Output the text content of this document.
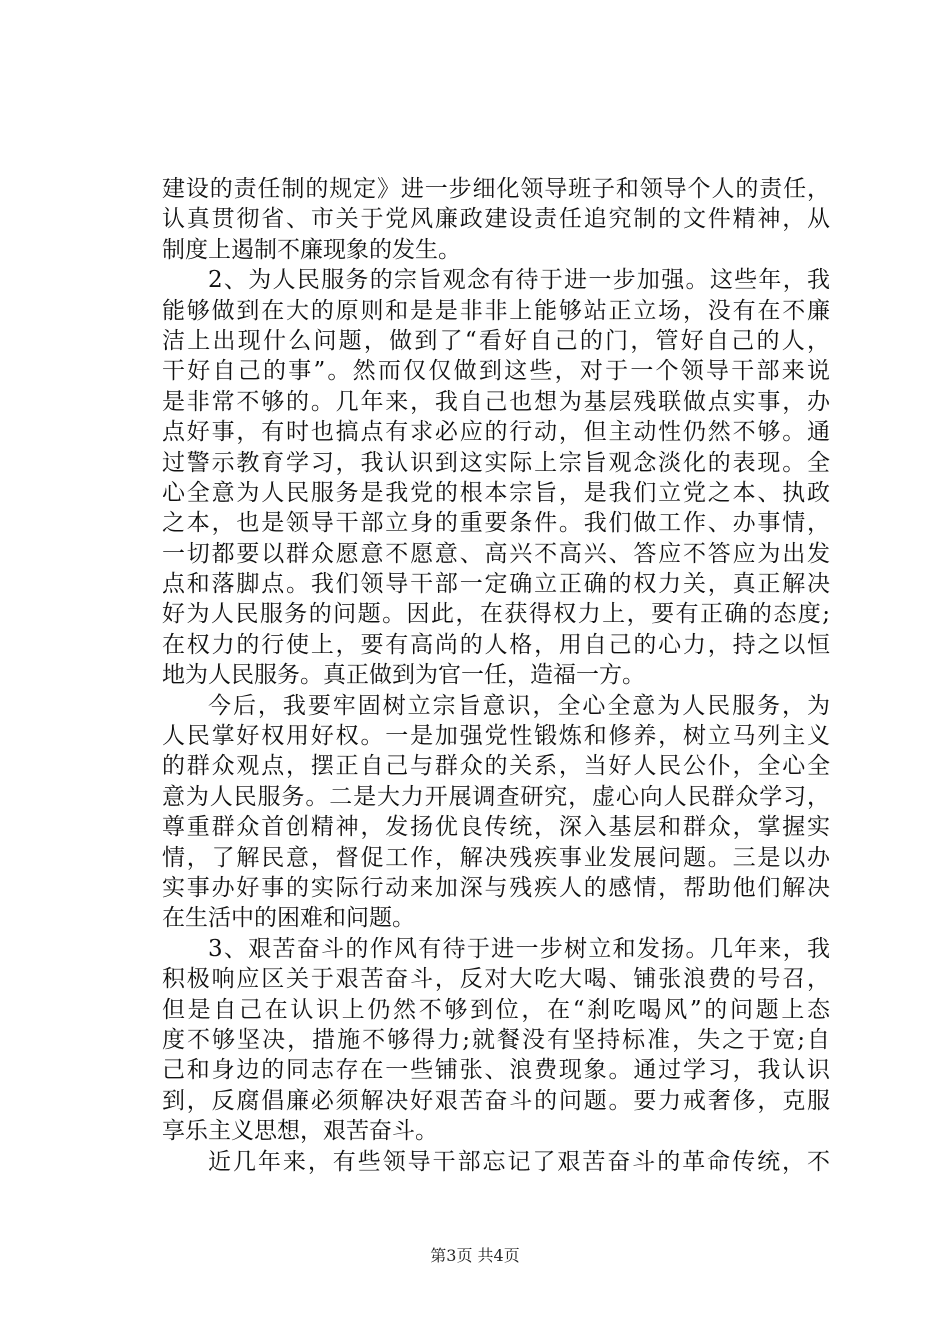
建设的责任制的规定》进一步细化领导班子和领导个人的责任，
认真贯彻省、市关于党风廉政建设责任追究制的文件精神，从
制度上遏制不廉现象的发生。
2、为人民服务的宗旨观念有待于进一步加强。这些年，我
能够做到在大的原则和是是非非上能够站正立场，没有在不廉
洁上出现什么问题，做到了“看好自己的门，管好自己的人，
干好自己的事”。然而仅仅做到这些，对于一个领导干部来说
是非常不够的。几年来，我自己也想为基层残联做点实事，办
点好事，有时也搞点有求必应的行动，但主动性仍然不够。通
过警示教育学习，我认识到这实际上宗旨观念淡化的表现。全
心全意为人民服务是我党的根本宗旨，是我们立党之本、执政
之本，也是领导干部立身的重要条件。我们做工作、办事情，
一切都要以群众愿意不愿意、高兴不高兴、答应不答应为出发
点和落脚点。我们领导干部一定确立正确的权力关，真正解决
好为人民服务的问题。因此，在获得权力上，要有正确的态度;
在权力的行使上，要有高尚的人格，用自己的心力，持之以恒
地为人民服务。真正做到为官一任，造福一方。
今后，我要牢固树立宗旨意识，全心全意为人民服务，为
人民掌好权用好权。一是加强党性锻炼和修养，树立马列主义
的群众观点，摆正自己与群众的关系，当好人民公仆，全心全
意为人民服务。二是大力开展调查研究，虚心向人民群众学习，
尊重群众首创精神，发扬优良传统，深入基层和群众，掌握实
情，了解民意，督促工作，解决残疾事业发展问题。三是以办
实事办好事的实际行动来加深与残疾人的感情，帮助他们解决
在生活中的困难和问题。
3、艰苦奋斗的作风有待于进一步树立和发扬。几年来，我
积极响应区关于艰苦奋斗，反对大吃大喝、铺张浪费的号召，
但是自己在认识上仍然不够到位，在“刹吃喝风”的问题上态
度不够坚决，措施不够得力;就餐没有坚持标准，失之于宽;自
己和身边的同志存在一些铺张、浪费现象。通过学习，我认识
到，反腐倡廉必须解决好艰苦奋斗的问题。要力戒奢侈，克服
享乐主义思想，艰苦奋斗。
近几年来，有些领导干部忘记了艰苦奋斗的革命传统，不
第3页 共4页
